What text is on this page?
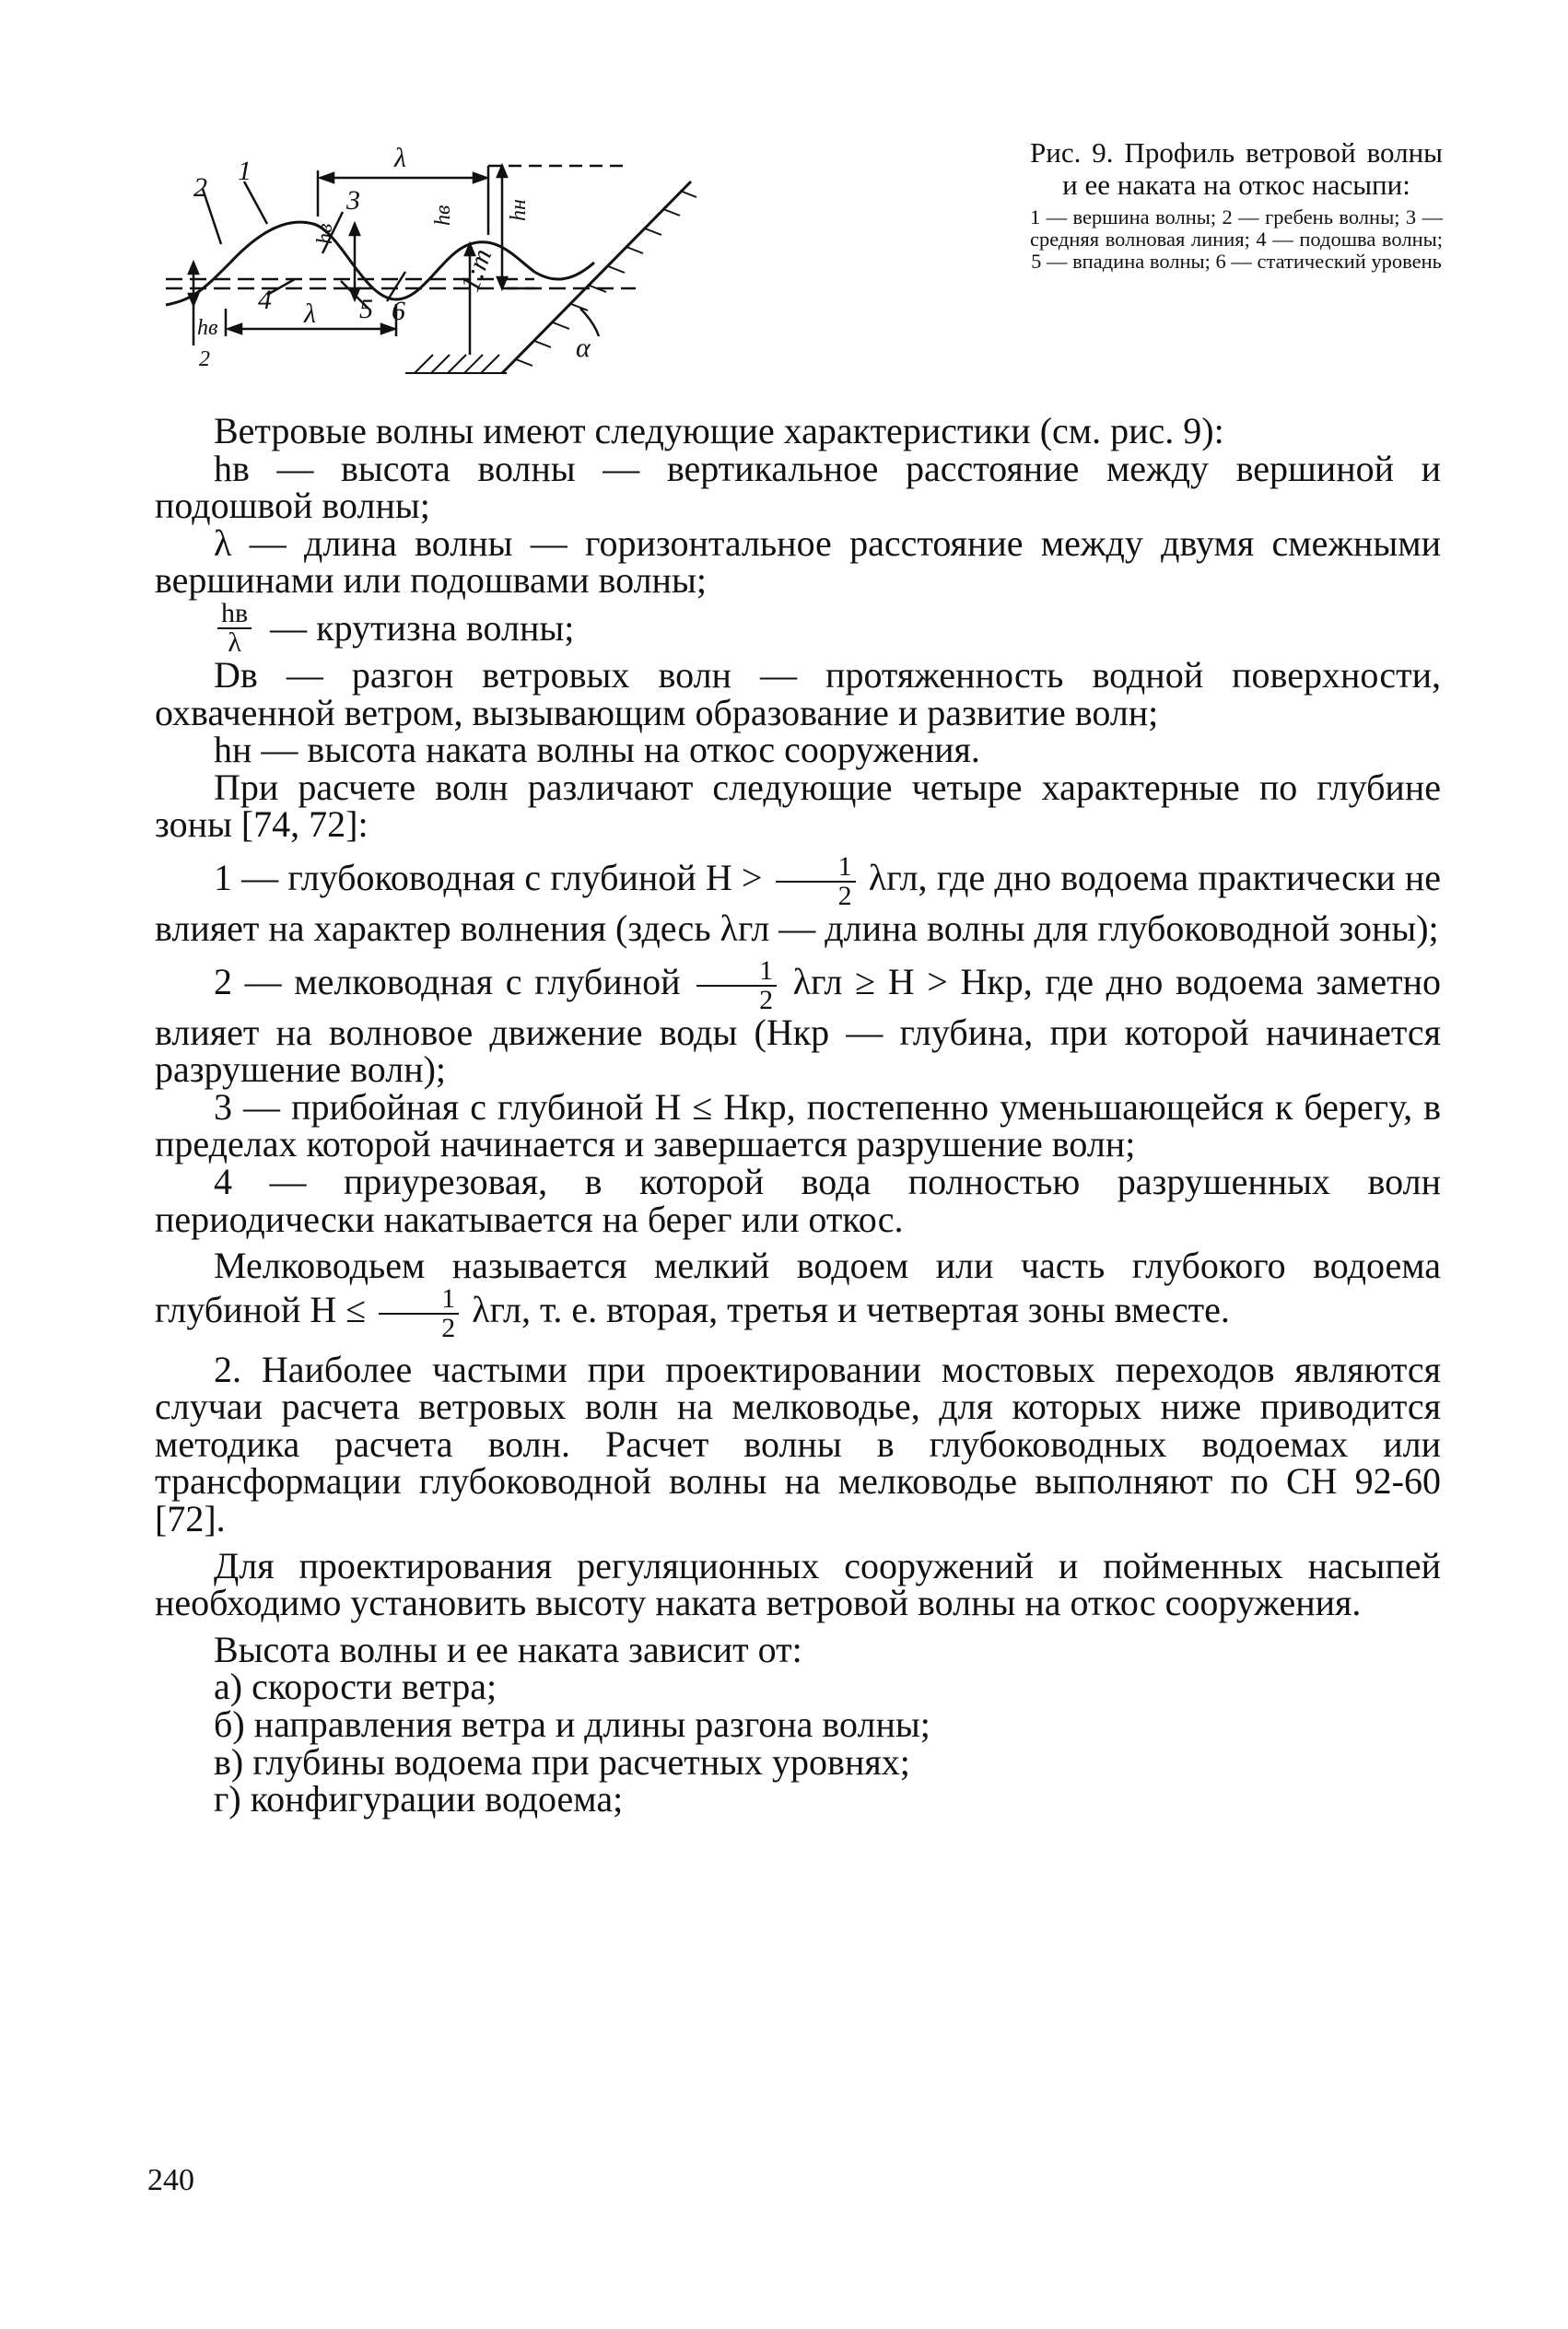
1
2	3
4	5 6
λ
λ
1:m
α
hв
2
hв
hв hн
Рис. 9. Профиль ветровой волны и ее наката на откос насыпи:
1 — вершина волны; 2 — гребень волны; 3 — средняя волновая линия; 4 — подошва волны; 5 — впадина волны; 6 — статический уровень

Ветровые волны имеют следующие характеристики (см. рис. 9):

hв — высота волны — вертикальное расстояние между вершиной и подошвой волны;

λ — длина волны — горизонтальное расстояние между двумя смежными вершинами или подошвами волны;

$\frac{hв}{\lambda}$ — крутизна волны;

Dв — разгон ветровых волн — протяженность водной поверхности, охваченной ветром, вызывающим образование и развитие волн;

hн — высота наката волны на откос сооружения.

При расчете волн различают следующие четыре характерные по глубине зоны [74, 72]:

1 — глубоководная с глубиной $H > \frac{1}{2} \lambda гл$, где дно водоема практически не влияет на характер волнения (здесь λгл — длина волны для глубоководной зоны);

2 — мелководная с глубиной $\frac{1}{2}$ λгл ≥ H > Hкр, где дно водоема заметно влияет на волновое движение воды (Hкр — глубина, при которой начинается разрушение волн);

3 — прибойная с глубиной H ≤ Hкр, постепенно уменьшающейся к берегу, в пределах которой начинается и завершается разрушение волн;

4 — приурезовая, в которой вода полностью разрушенных волн периодически накатывается на берег или откос.

Мелководьем называется мелкий водоем или часть глубокого водоема глубиной $H \le \frac{1}{2} \lambda гл$, т. е. вторая, третья и четвертая зоны вместе.

2. Наиболее частыми при проектировании мостовых переходов являются случаи расчета ветровых волн на мелководье, для которых ниже приводится методика расчета волн. Расчет волны в глубоководных водоемах или трансформации глубоководной волны на мелководье выполняют по СН 92-60 [72].

Для проектирования регуляционных сооружений и пойменных насыпей необходимо установить высоту наката ветровой волны на откос сооружения.

Высота волны и ее наката зависит от:

а) скорости ветра;

б) направления ветра и длины разгона волны;

в) глубины водоема при расчетных уровнях;

г) конфигурации водоема;

240
